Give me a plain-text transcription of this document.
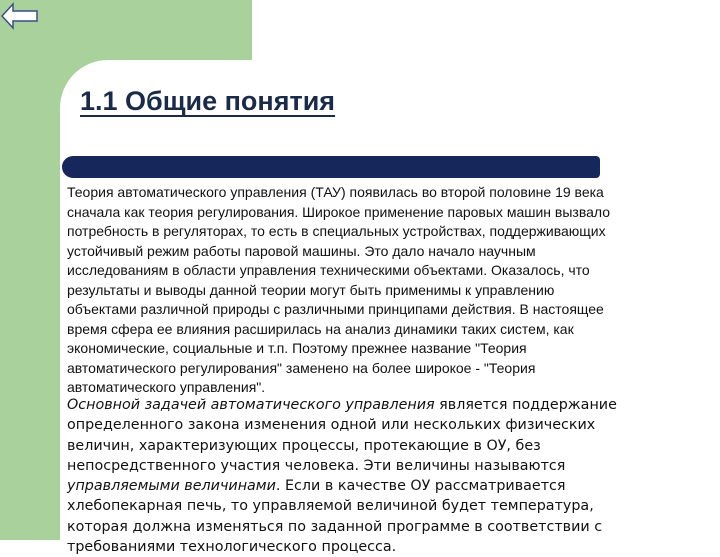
1.1 Общие понятия

Теория автоматического управления (ТАУ) появилась во второй половине 19 века
сначала как теория регулирования. Широкое применение паровых машин вызвало
потребность в регуляторах, то есть в специальных устройствах, поддерживающих
устойчивый режим работы паровой машины. Это дало начало научным
исследованиям в области управления техническими объектами. Оказалось, что
результаты и выводы данной теории могут быть применимы к управлению
объектами различной природы с различными принципами действия. В настоящее
время сфера ее влияния расширилась на анализ динамики таких систем, как
экономические, социальные и т.п. Поэтому прежнее название "Теория
автоматического регулирования" заменено на более широкое - "Теория
автоматического управления".

Основной задачей автоматического управления является поддержание
определенного закона изменения одной или нескольких физических
величин, характеризующих процессы, протекающие в ОУ, без
непосредственного участия человека. Эти величины называются
управляемыми величинами. Если в качестве ОУ рассматривается
хлебопекарная печь, то управляемой величиной будет температура,
которая должна изменяться по заданной программе в соответствии с
требованиями технологического процесса.
